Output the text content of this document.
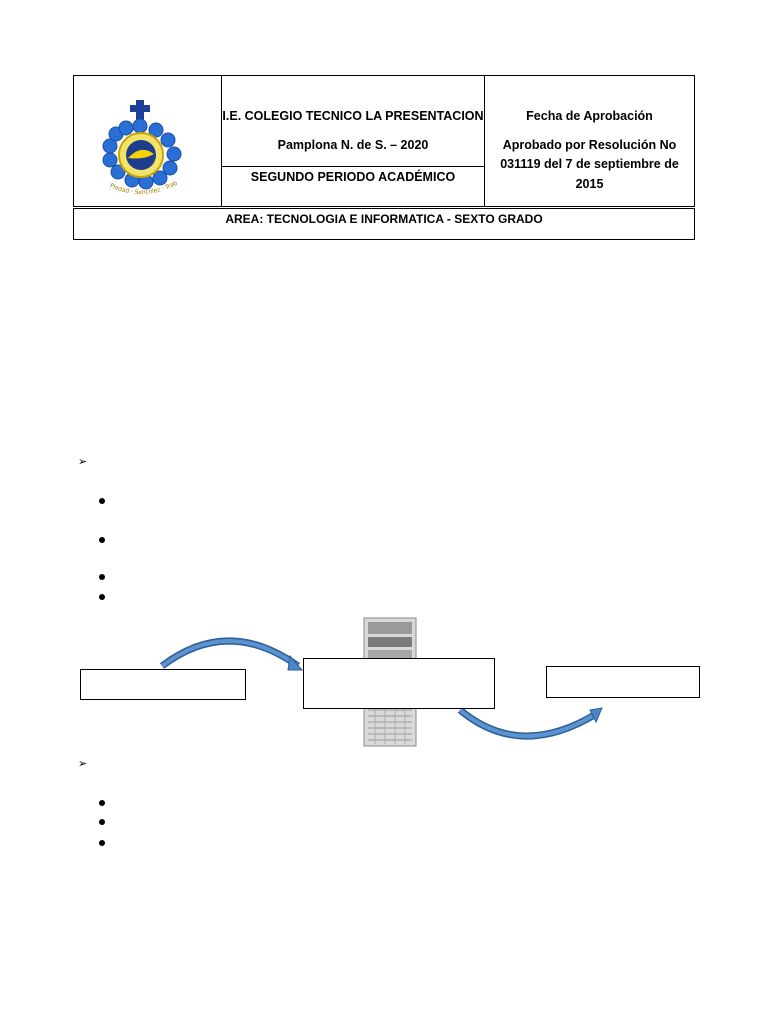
Piedad · Sencillez · Trab
I.E. COLEGIO TECNICO LA PRESENTACION
Pamplona N. de S. – 2020
SEGUNDO PERIODO ACADÉMICO
Fecha de Aprobación
Aprobado por Resolución No
031119 del 7 de septiembre de
2015
AREA: TECNOLOGIA E INFORMATICA - SEXTO GRADO
➢
➢
